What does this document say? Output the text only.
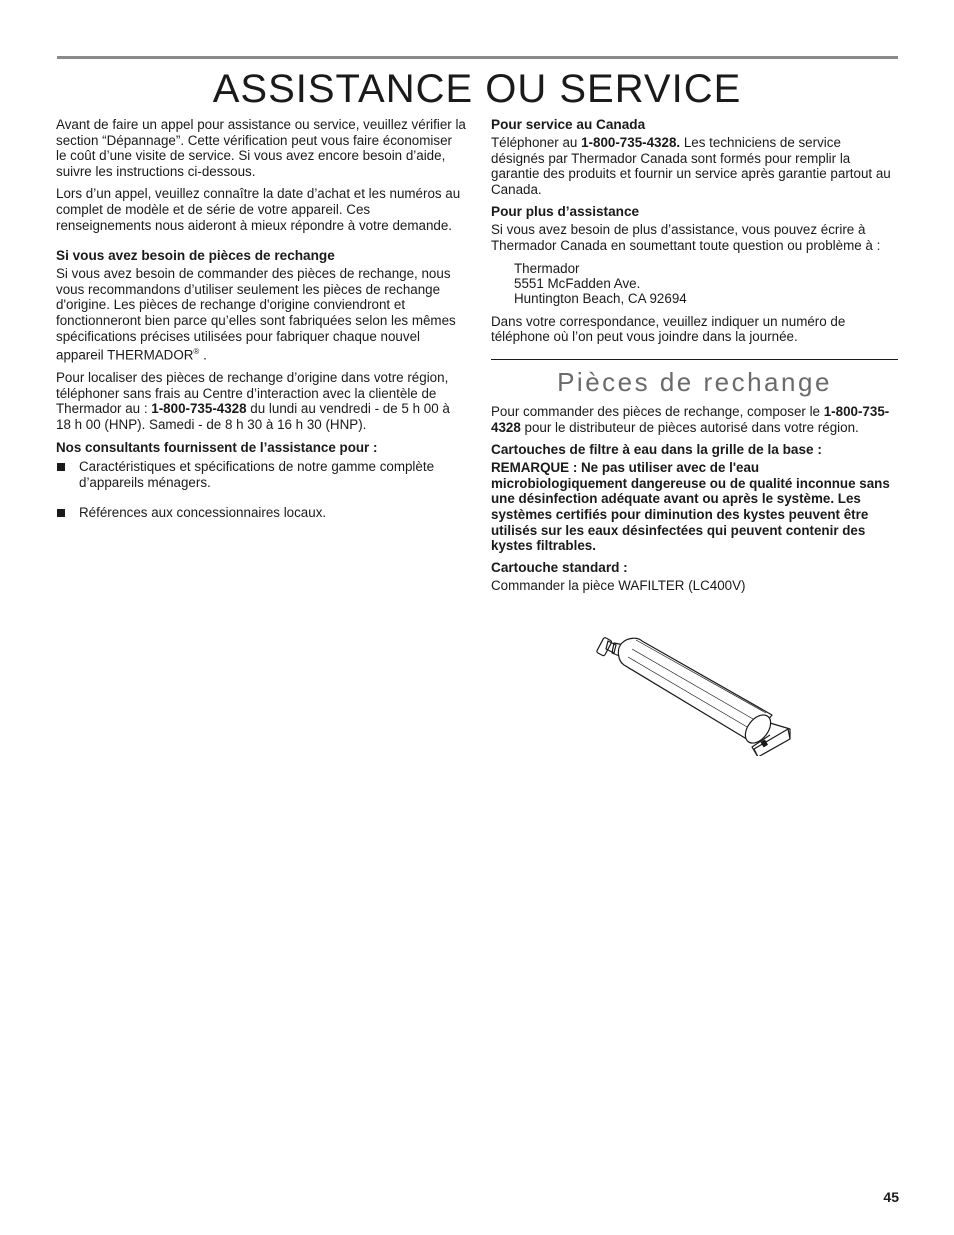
ASSISTANCE OU SERVICE

Avant de faire un appel pour assistance ou service, veuillez vérifier la section “Dépannage”. Cette vérification peut vous faire économiser le coût d’une visite de service. Si vous avez encore besoin d’aide, suivre les instructions ci-dessous.

Lors d’un appel, veuillez connaître la date d’achat et les numéros au complet de modèle et de série de votre appareil. Ces renseignements nous aideront à mieux répondre à votre demande.

Si vous avez besoin de pièces de rechange

Si vous avez besoin de commander des pièces de rechange, nous vous recommandons d’utiliser seulement les pièces de rechange d'origine. Les pièces de rechange d'origine conviendront et fonctionneront bien parce qu’elles sont fabriquées selon les mêmes spécifications précises utilisées pour fabriquer chaque nouvel appareil THERMADOR® .

Pour localiser des pièces de rechange d’origine dans votre région, téléphoner sans frais au Centre d’interaction avec la clientèle de Thermador au : 1-800-735-4328 du lundi au vendredi - de 5 h 00 à 18 h 00 (HNP). Samedi - de 8 h 30 à 16 h 30 (HNP).

Nos consultants fournissent de l’assistance pour :

Caractéristiques et spécifications de notre gamme complète d’appareils ménagers.
Références aux concessionnaires locaux.
Pour service au Canada

Téléphoner au 1-800-735-4328. Les techniciens de service désignés par Thermador Canada sont formés pour remplir la garantie des produits et fournir un service après garantie partout au Canada.

Pour plus d’assistance

Si vous avez besoin de plus d’assistance, vous pouvez écrire à Thermador Canada en soumettant toute question ou problème à :

Thermador
5551 McFadden Ave.
Huntington Beach, CA 92694

Dans votre correspondance, veuillez indiquer un numéro de téléphone où l’on peut vous joindre dans la journée.

Pièces de rechange

Pour commander des pièces de rechange, composer le 1-800-735-4328 pour le distributeur de pièces autorisé dans votre région.

Cartouches de filtre à eau dans la grille de la base :

REMARQUE : Ne pas utiliser avec de l'eau microbiologiquement dangereuse ou de qualité inconnue sans une désinfection adéquate avant ou après le système. Les systèmes certifiés pour diminution des kystes peuvent être utilisés sur les eaux désinfectées qui peuvent contenir des kystes filtrables.

Cartouche standard :

Commander la pièce WAFILTER (LC400V)

45
